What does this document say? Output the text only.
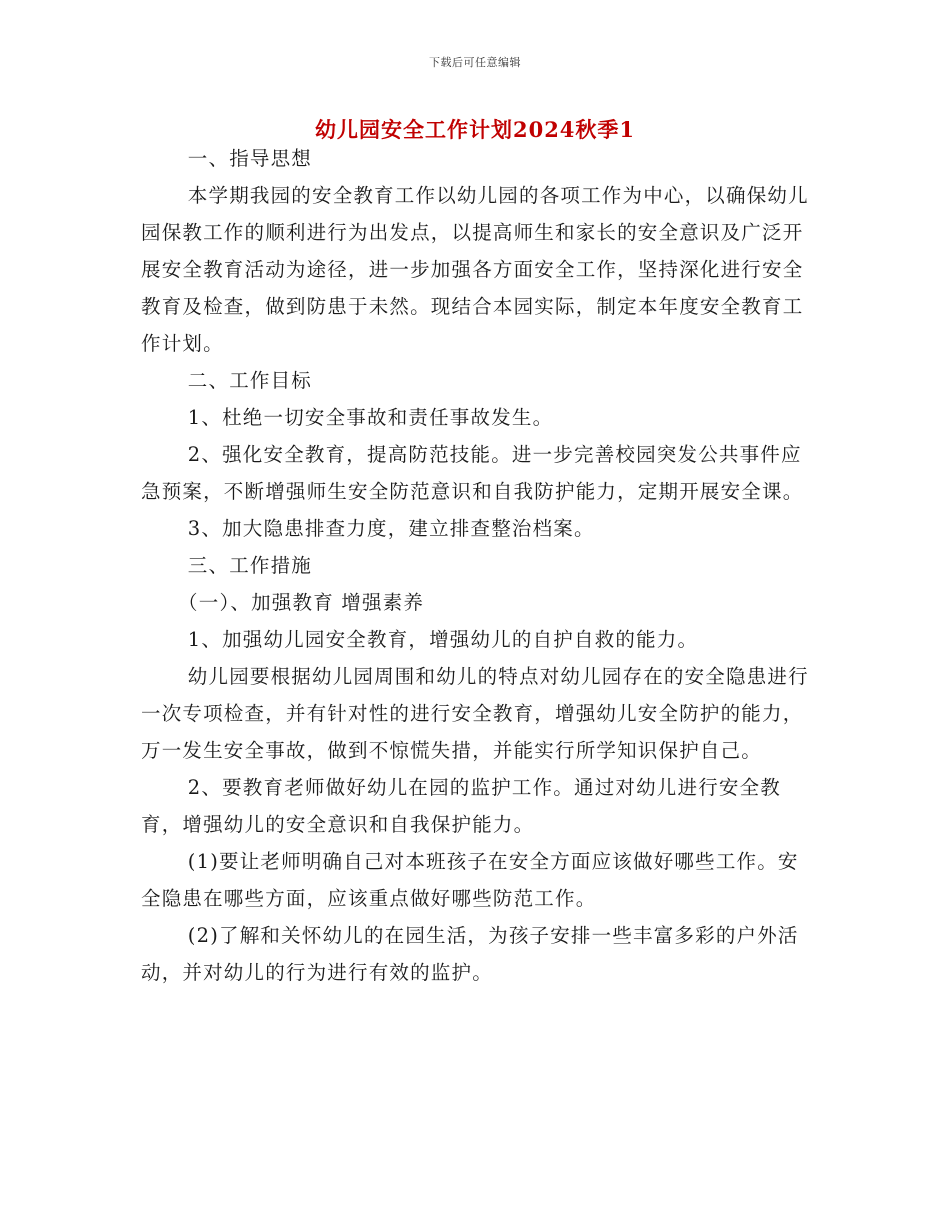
下载后可任意编辑
幼儿园安全工作计划2024秋季1

一、指导思想

本学期我园的安全教育工作以幼儿园的各项工作为中心，以确保幼儿园保教工作的顺利进行为出发点，以提高师生和家长的安全意识及广泛开展安全教育活动为途径，进一步加强各方面安全工作，坚持深化进行安全教育及检查，做到防患于未然。现结合本园实际，制定本年度安全教育工作计划。

二、工作目标

1、杜绝一切安全事故和责任事故发生。

2、强化安全教育，提高防范技能。进一步完善校园突发公共事件应急预案，不断增强师生安全防范意识和自我防护能力，定期开展安全课。

3、加大隐患排查力度，建立排查整治档案。

三、工作措施

（一）、加强教育 增强素养

1、加强幼儿园安全教育，增强幼儿的自护自救的能力。

幼儿园要根据幼儿园周围和幼儿的特点对幼儿园存在的安全隐患进行一次专项检查，并有针对性的进行安全教育，增强幼儿安全防护的能力，万一发生安全事故，做到不惊慌失措，并能实行所学知识保护自己。

2、要教育老师做好幼儿在园的监护工作。通过对幼儿进行安全教育，增强幼儿的安全意识和自我保护能力。

(1)要让老师明确自己对本班孩子在安全方面应该做好哪些工作。安全隐患在哪些方面，应该重点做好哪些防范工作。

(2)了解和关怀幼儿的在园生活，为孩子安排一些丰富多彩的户外活动，并对幼儿的行为进行有效的监护。
